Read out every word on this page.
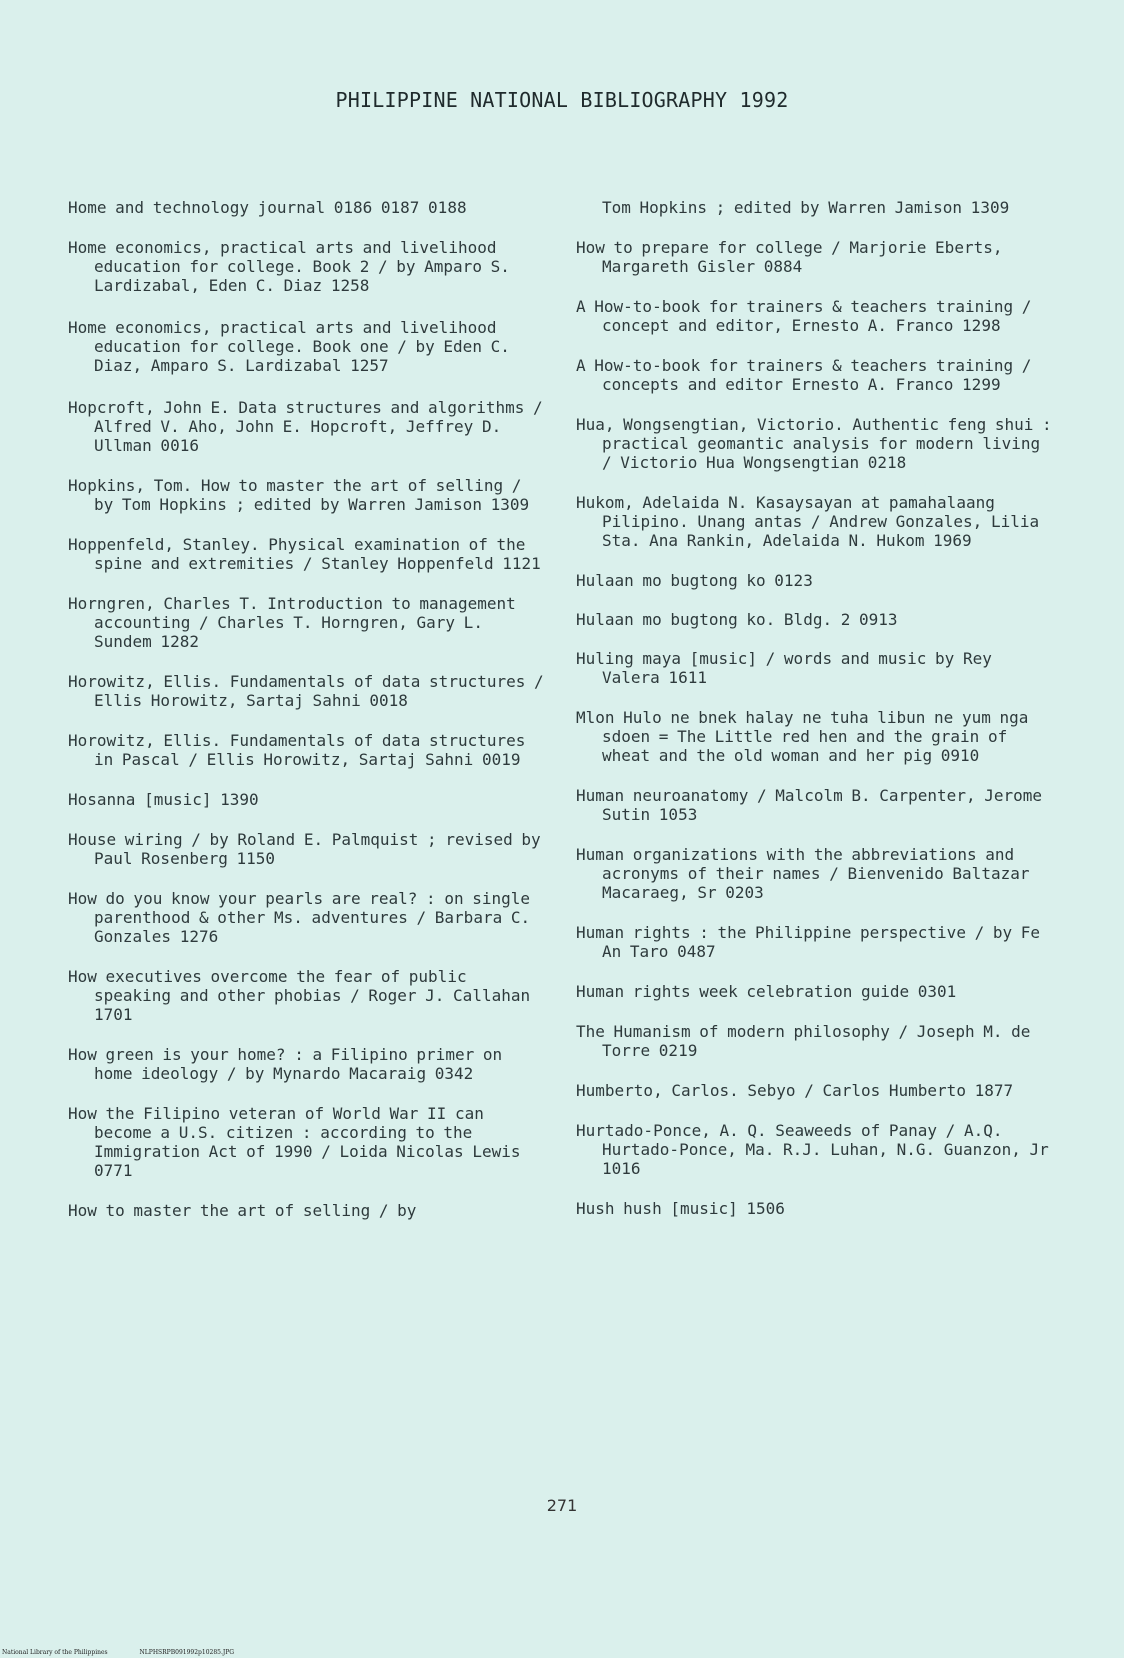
PHILIPPINE NATIONAL BIBLIOGRAPHY 1992

Home and technology journal 0186 0187 0188

Home economics, practical arts and livelihood education for college. Book 2 / by Amparo S. Lardizabal, Eden C. Diaz 1258

Home economics, practical arts and livelihood education for college. Book one / by Eden C. Diaz, Amparo S. Lardizabal 1257

Hopcroft, John E. Data structures and algorithms / Alfred V. Aho, John E. Hopcroft, Jeffrey D. Ullman 0016

Hopkins, Tom. How to master the art of selling / by Tom Hopkins ; edited by Warren Jamison 1309

Hoppenfeld, Stanley. Physical examination of the spine and extremities / Stanley Hoppenfeld 1121

Horngren, Charles T. Introduction to management accounting / Charles T. Horngren, Gary L. Sundem 1282

Horowitz, Ellis. Fundamentals of data structures / Ellis Horowitz, Sartaj Sahni 0018

Horowitz, Ellis. Fundamentals of data structures in Pascal / Ellis Horowitz, Sartaj Sahni 0019

Hosanna [music] 1390

House wiring / by Roland E. Palmquist ; revised by Paul Rosenberg 1150

How do you know your pearls are real? : on single parenthood & other Ms. adventures / Barbara C. Gonzales 1276

How executives overcome the fear of public speaking and other phobias / Roger J. Callahan 1701

How green is your home? : a Filipino primer on home ideology / by Mynardo Macaraig 0342

How the Filipino veteran of World War II can become a U.S. citizen : according to the Immigration Act of 1990 / Loida Nicolas Lewis 0771

How to master the art of selling / by

Tom Hopkins ; edited by Warren Jamison 1309

How to prepare for college / Marjorie Eberts, Margareth Gisler 0884

A How-to-book for trainers & teachers training / concept and editor, Ernesto A. Franco 1298

A How-to-book for trainers & teachers training / concepts and editor Ernesto A. Franco 1299

Hua, Wongsengtian, Victorio. Authentic feng shui : practical geomantic analysis for modern living / Victorio Hua Wongsengtian 0218

Hukom, Adelaida N. Kasaysayan at pamahalaang Pilipino. Unang antas / Andrew Gonzales, Lilia Sta. Ana Rankin, Adelaida N. Hukom 1969

Hulaan mo bugtong ko 0123

Hulaan mo bugtong ko. Bldg. 2 0913

Huling maya [music] / words and music by Rey Valera 1611

Mlon Hulo ne bnek halay ne tuha libun ne yum nga sdoen = The Little red hen and the grain of wheat and the old woman and her pig 0910

Human neuroanatomy / Malcolm B. Carpenter, Jerome Sutin 1053

Human organizations with the abbreviations and acronyms of their names / Bienvenido Baltazar Macaraeg, Sr 0203

Human rights : the Philippine perspective / by Fe An Taro 0487

Human rights week celebration guide 0301

The Humanism of modern philosophy / Joseph M. de Torre 0219

Humberto, Carlos. Sebyo / Carlos Humberto 1877

Hurtado-Ponce, A. Q. Seaweeds of Panay / A.Q. Hurtado-Ponce, Ma. R.J. Luhan, N.G. Guanzon, Jr 1016

Hush hush [music] 1506

271
National Library of the Philippines	NLPHSRPB091992p10285.JPG
